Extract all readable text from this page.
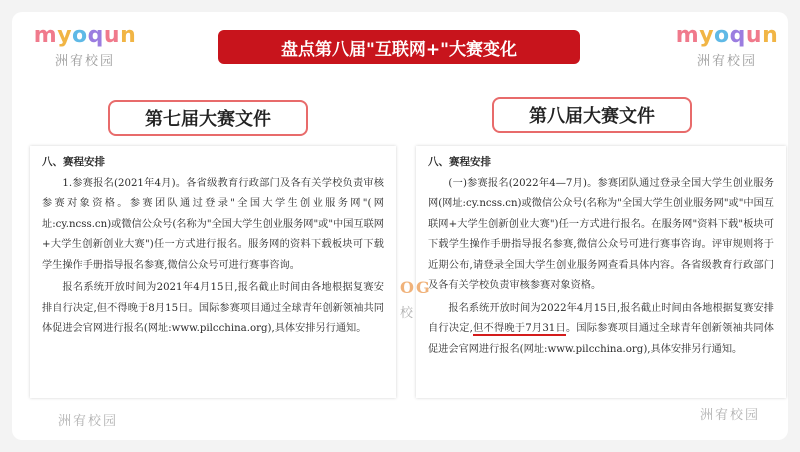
myoqun
洲宥校园
myoqun
洲宥校园
盘点第八届"互联网+"大赛变化
第七届大赛文件	第八届大赛文件
八、赛程安排

1.参赛报名(2021年4月)。各省级教育行政部门及各有关学校负责审核参赛对象资格。参赛团队通过登录"全国大学生创业服务网"(网址:cy.ncss.cn)或微信公众号(名称为"全国大学生创业服务网"或"中国互联网+大学生创新创业大赛")任一方式进行报名。服务网的资料下载板块可下载学生操作手册指导报名参赛,微信公众号可进行赛事咨询。

报名系统开放时间为2021年4月15日,报名截止时间由各地根据复赛安排自行决定,但不得晚于8月15日。国际参赛项目通过全球青年创新领袖共同体促进会官网进行报名(网址:www.pilcchina.org),具体安排另行通知。

八、赛程安排

(一)参赛报名(2022年4—7月)。参赛团队通过登录全国大学生创业服务网(网址:cy.ncss.cn)或微信公众号(名称为"全国大学生创业服务网"或"中国互联网+大学生创新创业大赛")任一方式进行报名。在服务网"资料下载"板块可下载学生操作手册指导报名参赛,微信公众号可进行赛事咨询。评审规则将于近期公布,请登录全国大学生创业服务网查看具体内容。各省级教育行政部门及各有关学校负责审核参赛对象资格。

报名系统开放时间为2022年4月15日,报名截止时间由各地根据复赛安排自行决定,但不得晚于7月31日。国际参赛项目通过全球青年创新领袖共同体促进会官网进行报名(网址:www.pilcchina.org),具体安排另行通知。

OG
校
洲宥校园	洲宥校园
